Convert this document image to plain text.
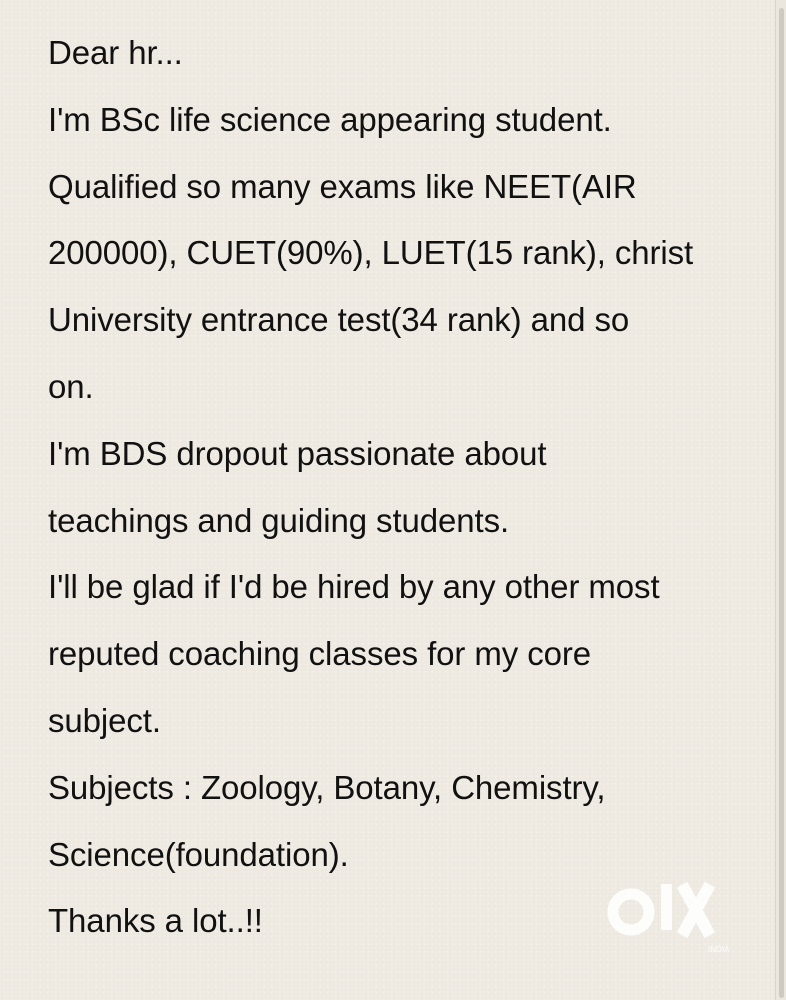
Dear hr...
I'm BSc life science appearing student.
Qualified so many exams like NEET(AIR
200000), CUET(90%), LUET(15 rank), christ
University entrance test(34 rank) and so
on.
I'm BDS dropout passionate about
teachings and guiding students.
I'll be glad if I'd be hired by any other most
reputed coaching classes for my core
subject.
Subjects : Zoology, Botany, Chemistry,
Science(foundation).
Thanks a lot..!!
INDIA
